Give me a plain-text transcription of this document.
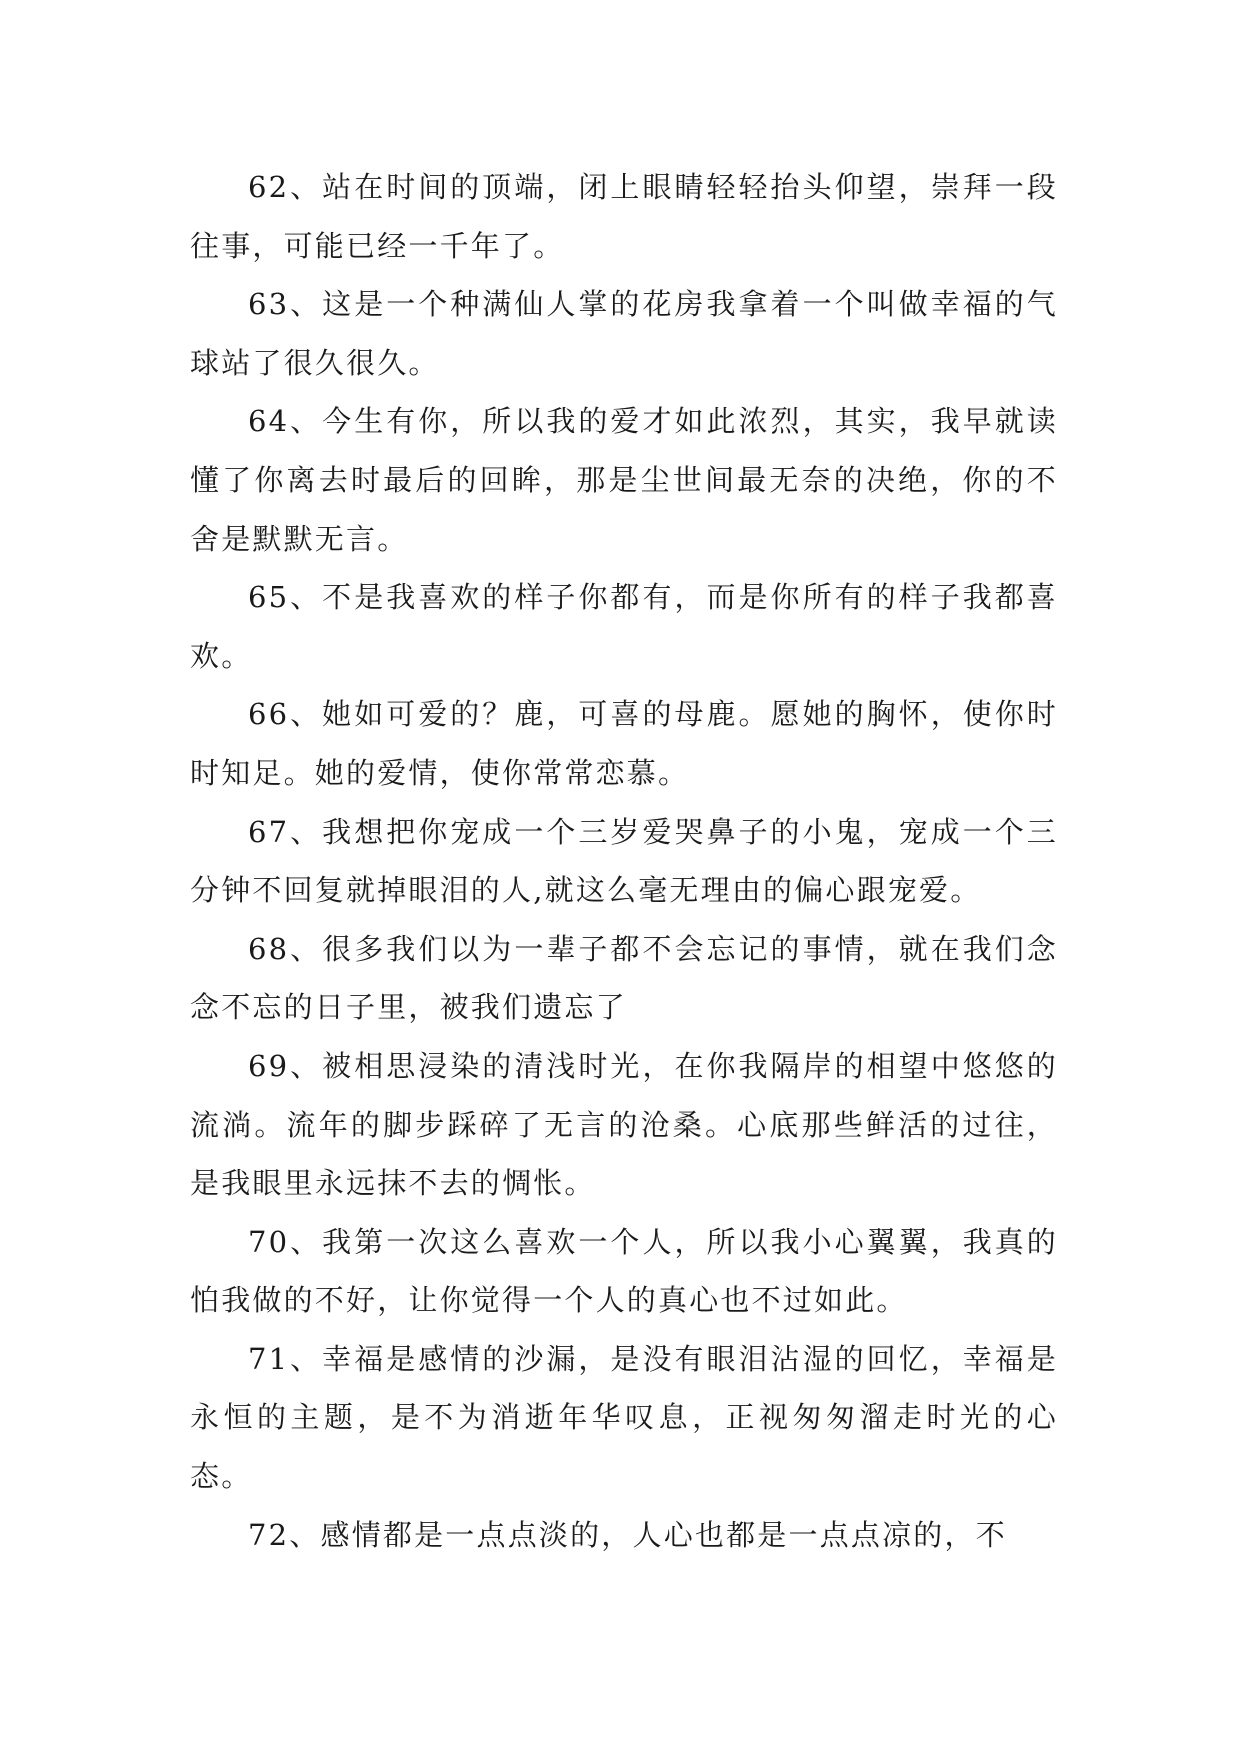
62、站在时间的顶端，闭上眼睛轻轻抬头仰望，崇拜一段往事，可能已经一千年了。

63、这是一个种满仙人掌的花房我拿着一个叫做幸福的气球站了很久很久。

64、今生有你，所以我的爱才如此浓烈，其实，我早就读懂了你离去时最后的回眸，那是尘世间最无奈的决绝，你的不舍是默默无言。

65、不是我喜欢的样子你都有，而是你所有的样子我都喜欢。

66、她如可爱的？鹿，可喜的母鹿。愿她的胸怀，使你时时知足。她的爱情，使你常常恋慕。

67、我想把你宠成一个三岁爱哭鼻子的小鬼，宠成一个三分钟不回复就掉眼泪的人,就这么毫无理由的偏心跟宠爱。

68、很多我们以为一辈子都不会忘记的事情，就在我们念念不忘的日子里，被我们遗忘了

69、被相思浸染的清浅时光，在你我隔岸的相望中悠悠的流淌。流年的脚步踩碎了无言的沧桑。心底那些鲜活的过往，是我眼里永远抹不去的惆怅。

70、我第一次这么喜欢一个人，所以我小心翼翼，我真的怕我做的不好，让你觉得一个人的真心也不过如此。

71、幸福是感情的沙漏，是没有眼泪沾湿的回忆，幸福是永恒的主题，是不为消逝年华叹息，正视匆匆溜走时光的心态。

72、感情都是一点点淡的，人心也都是一点点凉的，不
